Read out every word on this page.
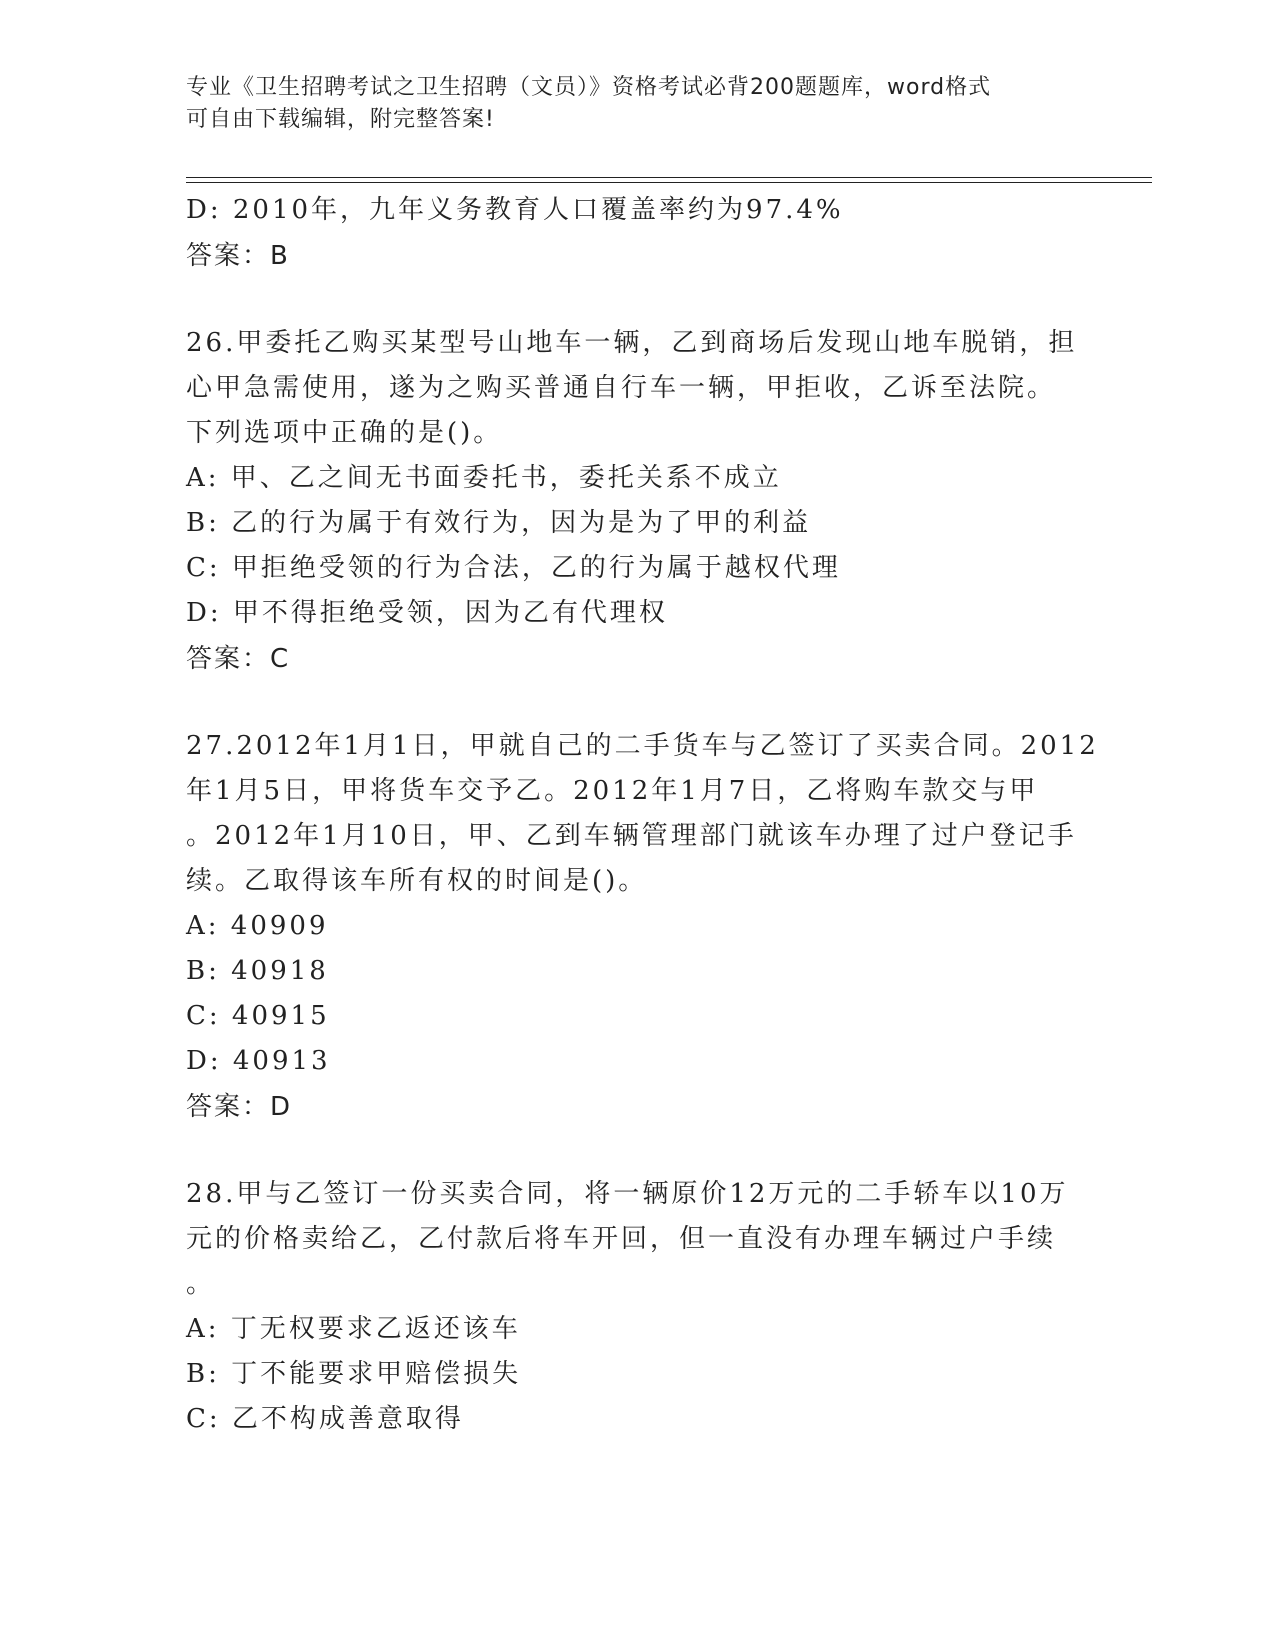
专业《卫生招聘考试之卫生招聘（文员）》资格考试必背200题题库，word格式
可自由下载编辑，附完整答案!
D: 2010年，九年义务教育人口覆盖率约为97.4%
答案：B
26.甲委托乙购买某型号山地车一辆，乙到商场后发现山地车脱销，担
心甲急需使用，遂为之购买普通自行车一辆，甲拒收，乙诉至法院。
下列选项中正确的是()。
A: 甲、乙之间无书面委托书，委托关系不成立
B: 乙的行为属于有效行为，因为是为了甲的利益
C: 甲拒绝受领的行为合法，乙的行为属于越权代理
D: 甲不得拒绝受领，因为乙有代理权
答案：C
27.2012年1月1日，甲就自己的二手货车与乙签订了买卖合同。2012
年1月5日，甲将货车交予乙。2012年1月7日，乙将购车款交与甲
。2012年1月10日，甲、乙到车辆管理部门就该车办理了过户登记手
续。乙取得该车所有权的时间是()。
A: 40909
B: 40918
C: 40915
D: 40913
答案：D
28.甲与乙签订一份买卖合同，将一辆原价12万元的二手轿车以10万
元的价格卖给乙，乙付款后将车开回，但一直没有办理车辆过户手续
。
A: 丁无权要求乙返还该车
B: 丁不能要求甲赔偿损失
C: 乙不构成善意取得
